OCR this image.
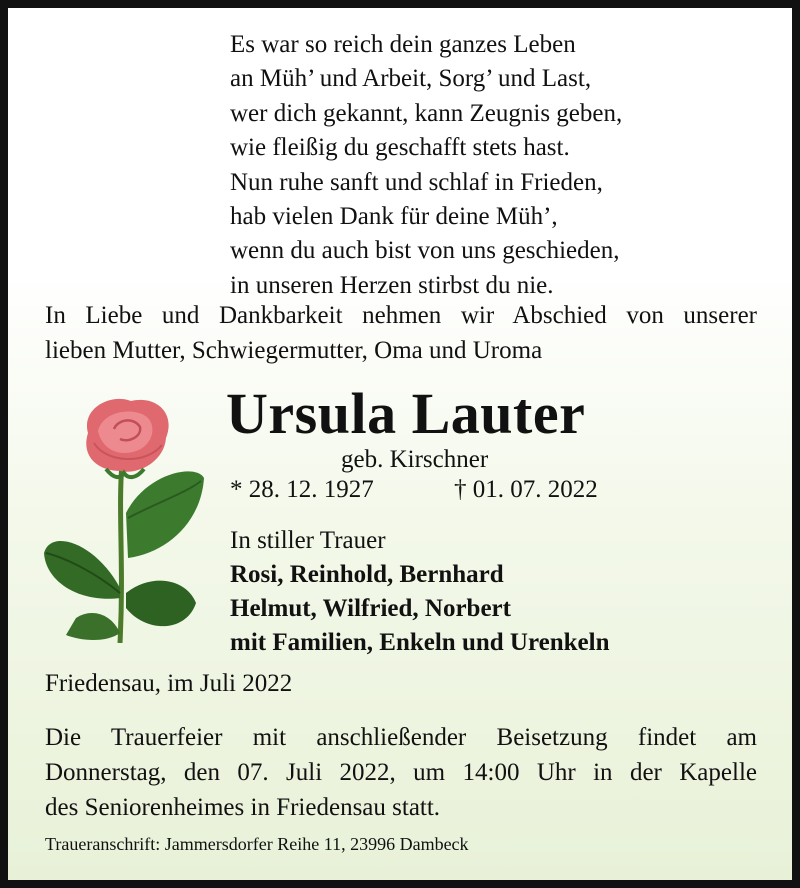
Es war so reich dein ganzes Leben
an Müh’ und Arbeit, Sorg’ und Last,
wer dich gekannt, kann Zeugnis geben,
wie fleißig du geschafft stets hast.
Nun ruhe sanft und schlaf in Frieden,
hab vielen Dank für deine Müh’,
wenn du auch bist von uns geschieden,
in unseren Herzen stirbst du nie.
In Liebe und Dankbarkeit nehmen wir Abschied von unserer
lieben Mutter, Schwiegermutter, Oma und Uroma
Ursula Lauter
geb. Kirschner
* 28. 12. 1927	† 01. 07. 2022
In stiller Trauer
Rosi, Reinhold, Bernhard
Helmut, Wilfried, Norbert
mit Familien, Enkeln und Urenkeln
Friedensau, im Juli 2022
Die Trauerfeier mit anschließender Beisetzung findet am
Donnerstag, den 07. Juli 2022, um 14:00 Uhr in der Kapelle
des Seniorenheimes in Friedensau statt.
Traueranschrift: Jammersdorfer Reihe 11, 23996 Dambeck
